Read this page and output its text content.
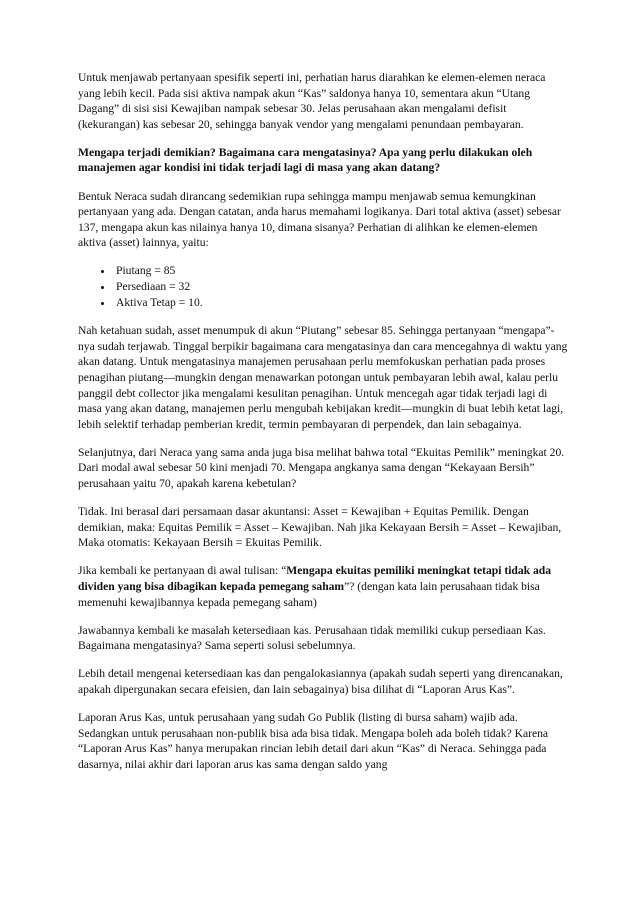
Untuk menjawab pertanyaan spesifik seperti ini, perhatian harus diarahkan ke elemen-elemen neraca yang lebih kecil. Pada sisi aktiva nampak akun “Kas” saldonya hanya 10, sementara akun “Utang Dagang” di sisi sisi Kewajiban nampak sebesar 30. Jelas perusahaan akan mengalami defisit (kekurangan) kas sebesar 20, sehingga banyak vendor yang mengalami penundaan pembayaran.

Mengapa terjadi demikian? Bagaimana cara mengatasinya? Apa yang perlu dilakukan oleh manajemen agar kondisi ini tidak terjadi lagi di masa yang akan datang?

Bentuk Neraca sudah dirancang sedemikian rupa sehingga mampu menjawab semua kemungkinan pertanyaan yang ada. Dengan catatan, anda harus memahami logikanya. Dari total aktiva (asset) sebesar 137, mengapa akun kas nilainya hanya 10, dimana sisanya? Perhatian di alihkan ke elemen-elemen aktiva (asset) lainnya, yaitu:

• Piutang = 85
• Persediaan = 32
• Aktiva Tetap = 10.

Nah ketahuan sudah, asset menumpuk di akun “Piutang” sebesar 85. Sehingga pertanyaan “mengapa”-nya sudah terjawab. Tinggal berpikir bagaimana cara mengatasinya dan cara mencegahnya di waktu yang akan datang. Untuk mengatasinya manajemen perusahaan perlu memfokuskan perhatian pada proses penagihan piutang—mungkin dengan menawarkan potongan untuk pembayaran lebih awal, kalau perlu panggil debt collector jika mengalami kesulitan penagihan. Untuk mencegah agar tidak terjadi lagi di masa yang akan datang, manajemen perlu mengubah kebijakan kredit—mungkin di buat lebih ketat lagi, lebih selektif terhadap pemberian kredit, termin pembayaran di perpendek, dan lain sebagainya.

Selanjutnya, dari Neraca yang sama anda juga bisa melihat bahwa total “Ekuitas Pemilik” meningkat 20. Dari modal awal sebesar 50 kini menjadi 70. Mengapa angkanya sama dengan “Kekayaan Bersih” perusahaan yaitu 70, apakah karena kebetulan?

Tidak. Ini berasal dari persamaan dasar akuntansi: Asset = Kewajiban + Equitas Pemilik. Dengan demikian, maka: Equitas Pemilik = Asset – Kewajiban. Nah jika Kekayaan Bersih = Asset – Kewajiban, Maka otomatis: Kekayaan Bersih = Ekuitas Pemilik.

Jika kembali ke pertanyaan di awal tulisan: “Mengapa ekuitas pemiliki meningkat tetapi tidak ada dividen yang bisa dibagikan kepada pemegang saham”? (dengan kata lain perusahaan tidak bisa memenuhi kewajibannya kepada pemegang saham)

Jawabannya kembali ke masalah ketersediaan kas. Perusahaan tidak memiliki cukup persediaan Kas. Bagaimana mengatasinya? Sama seperti solusi sebelumnya.

Lebih detail mengenai ketersediaan kas dan pengalokasiannya (apakah sudah seperti yang direncanakan, apakah dipergunakan secara efeisien, dan lain sebagainya) bisa dilihat di “Laporan Arus Kas”.

Laporan Arus Kas, untuk perusahaan yang sudah Go Publik (listing di bursa saham) wajib ada. Sedangkan untuk perusahaan non-publik bisa ada bisa tidak. Mengapa boleh ada boleh tidak? Karena “Laporan Arus Kas” hanya merupakan rincian lebih detail dari akun “Kas” di Neraca. Sehingga pada dasarnya, nilai akhir dari laporan arus kas sama dengan saldo yang
